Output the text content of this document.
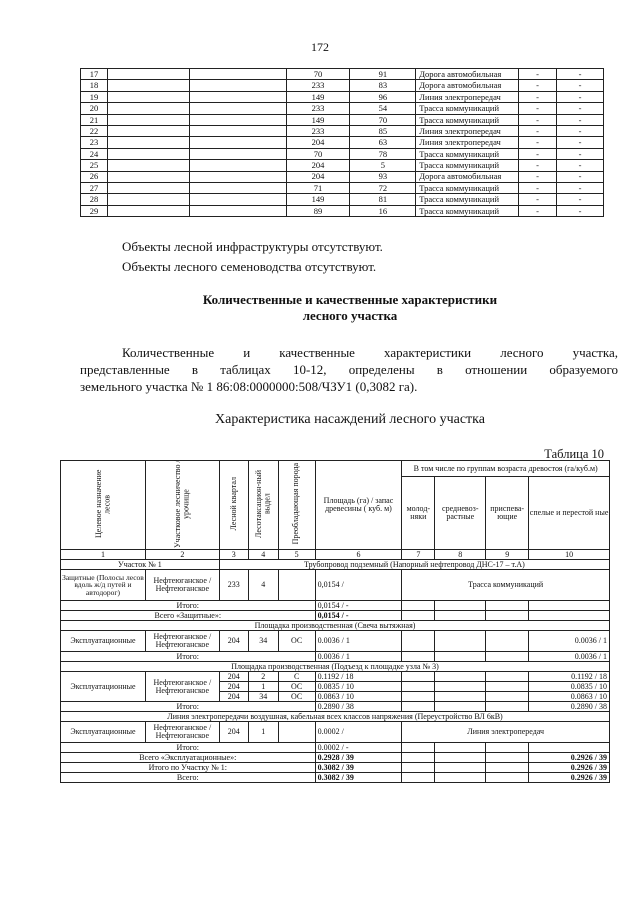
172
17			70	91	Дорога автомобильная	-	-
18			233	83	Дорога автомобильная	-	-
19			149	96	Линия электропередач	-	-
20			233	54	Трасса коммуникаций	-	-
21			149	70	Трасса коммуникаций	-	-
22			233	85	Линия электропередач	-	-
23			204	63	Линия электропередач	-	-
24			70	78	Трасса коммуникаций	-	-
25			204	5	Трасса коммуникаций	-	-
26			204	93	Дорога автомобильная	-	-
27			71	72	Трасса коммуникаций	-	-
28			149	81	Трасса коммуникаций	-	-
29			89	16	Трасса коммуникаций	-	-
Объекты лесной инфраструктуры отсутствуют.
Объекты лесного семеноводства отсутствуют.
Количественные и качественные характеристики
лесного участка
Количественные и качественные характеристики лесного участка,
представленные в таблицах 10-12, определены в отношении образуемого
земельного участка № 1 86:08:0000000:508/ЧЗУ1 (0,3082 га).
Характеристика насаждений лесного участка
Таблица 10
Целевое назначение лесов	Участковое лесничество / урочище	Лесной квартал	Лесотаксацион-ный выдел	Преобладающая порода	Площадь (га) / запас древесины ( куб. м)	В том числе по группам возраста древостоя (га/куб.м)			
						молод-няки	средневоз-растные	приспева-ющие	спелые и перестой ные
1	2	3	4	5	6	7	8	9	10
Участок № 1		Трубопровод подземный (Напорный нефтепровод ДНС-17 – т.А)							
Защитные (Полосы лесов вдоль ж/д путей и автодорог)	Нефтеюганское / Нефтеюганское	233	4		0,0154 /	Трасса коммуникаций			
Итого:					0,0154 / -				
Всего «Защитные»:					0,0154 / -				
Площадка производственная (Свеча вытяжная)									
Эксплуатационные	Нефтеюганское / Нефтеюганское	204	34	ОС	0.0036 / 1				0.0036 / 1
Итого:					0.0036 / 1				0.0036 / 1
Площадка производственная (Подъезд к площадке узла № 3)									
Эксплуатационные	Нефтеюганское / Нефтеюганское	204	2	С	0.1192 / 18				0.1192 / 18
		204	1	ОС	0.0835 / 10				0.0835 / 10
		204	34	ОС	0.0863 / 10				0.0863 / 10
Итого:					0.2890 / 38				0.2890 / 38
Линия электропередачи воздушная, кабельная всех классов напряжения (Переустройство ВЛ 6кВ)									
Эксплуатационные	Нефтеюганское / Нефтеюганское	204	1		0.0002 /	Линия электропередач			
Итого:					0.0002 / -				
Всего «Эксплуатационные»:					0.2928 / 39				0.2926 / 39
Итого по Участку № 1:					0.3082 / 39				0.2926 / 39
Всего:					0.3082 / 39				0.2926 / 39
